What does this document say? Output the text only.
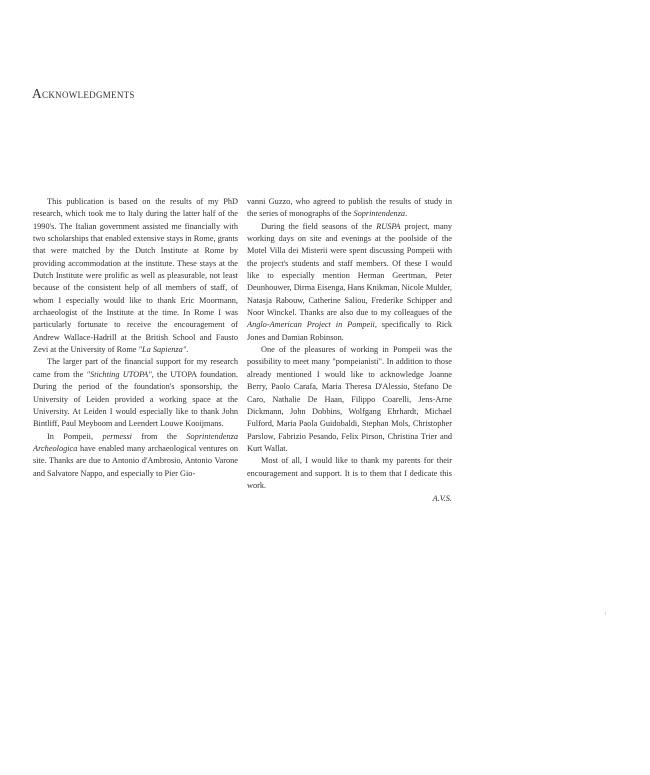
Acknowledgments

This publication is based on the results of my PhD research, which took me to Italy during the latter half of the 1990's. The Italian government assisted me financially with two scholarships that enabled extensive stays in Rome, grants that were matched by the Dutch Institute at Rome by providing accommodation at the institute. These stays at the Dutch Institute were prolific as well as pleasurable, not least because of the consistent help of all members of staff, of whom I especially would like to thank Eric Moormann, archaeologist of the Institute at the time. In Rome I was particularly fortunate to receive the encouragement of Andrew Wallace-Hadrill at the British School and Fausto Zevi at the University of Rome "La Sapienza".

The larger part of the financial support for my research came from the "Stichting UTOPA", the UTOPA foundation. During the period of the foundation's sponsorship, the University of Leiden provided a working space at the University. At Leiden I would especially like to thank John Bintliff, Paul Meyboom and Leendert Louwe Kooijmans.

In Pompeii, permessi from the Soprintendenza Archeologica have enabled many archaeological ventures on site. Thanks are due to Antonio d'Ambrosio, Antonio Varone and Salvatore Nappo, and especially to Pier Gio-

vanni Guzzo, who agreed to publish the results of study in the series of monographs of the Soprintendenza.

During the field seasons of the RUSPA project, many working days on site and evenings at the poolside of the Motel Villa dei Misterii were spent discussing Pompeii with the project's students and staff members. Of these I would like to especially mention Herman Geertman, Peter Deunhouwer, Dirma Eisenga, Hans Knikman, Nicole Mulder, Natasja Rabouw, Catherine Saliou, Frederike Schipper and Noor Winckel. Thanks are also due to my colleagues of the Anglo-American Project in Pompeii, specifically to Rick Jones and Damian Robinson.

One of the pleasures of working in Pompeii was the possibility to meet many "pompeianisti". In addition to those already mentioned I would like to acknowledge Joanne Berry, Paolo Carafa, Maria Theresa D'Alessio, Stefano De Caro, Nathalie De Haan, Filippo Coarelli, Jens-Arne Dickmann, John Dobbins, Wolfgang Ehrhardt, Michael Fulford, Maria Paola Guidobaldi, Stephan Mols, Christopher Parslow, Fabrizio Pesando, Felix Pirson, Christina Trier and Kurt Wallat.

Most of all, I would like to thank my parents for their encouragement and support. It is to them that I dedicate this work.

A.V.S.
